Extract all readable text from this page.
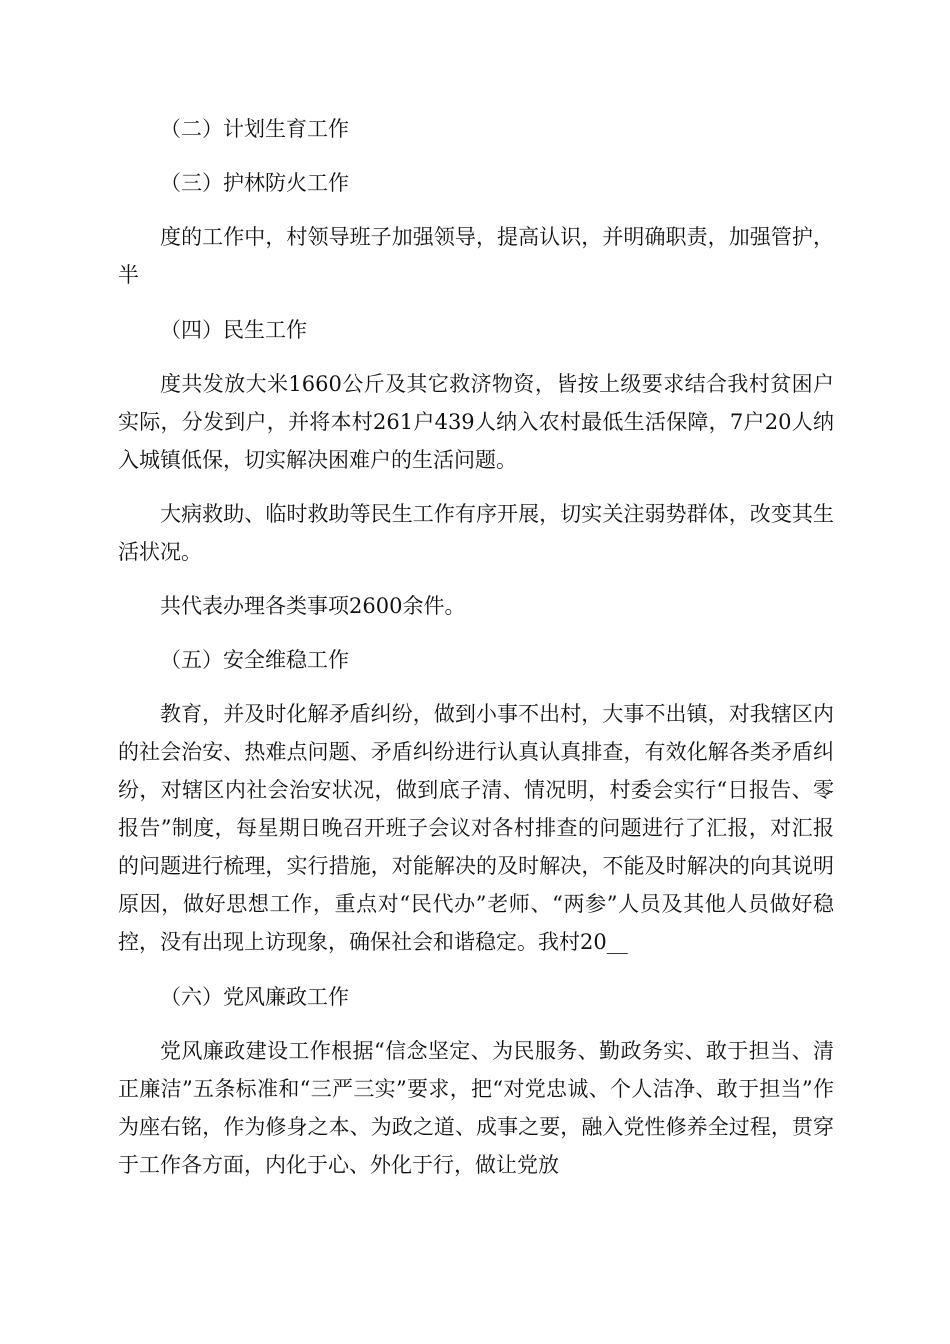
（二）计划生育工作

（三）护林防火工作

度的工作中，村领导班子加强领导，提高认识，并明确职责，加强管护，半

（四）民生工作

度共发放大米1660公斤及其它救济物资，皆按上级要求结合我村贫困户实际，分发到户，并将本村261户439人纳入农村最低生活保障，7户20人纳入城镇低保，切实解决困难户的生活问题。

大病救助、临时救助等民生工作有序开展，切实关注弱势群体，改变其生活状况。

共代表办理各类事项2600余件。

（五）安全维稳工作

教育，并及时化解矛盾纠纷，做到小事不出村，大事不出镇，对我辖区内的社会治安、热难点问题、矛盾纠纷进行认真认真排查，有效化解各类矛盾纠纷，对辖区内社会治安状况，做到底子清、情况明，村委会实行“日报告、零报告”制度，每星期日晚召开班子会议对各村排查的问题进行了汇报，对汇报的问题进行梳理，实行措施，对能解决的及时解决，不能及时解决的向其说明原因，做好思想工作，重点对“民代办”老师、“两参”人员及其他人员做好稳控，没有出现上访现象，确保社会和谐稳定。我村20__

（六）党风廉政工作

党风廉政建设工作根据“信念坚定、为民服务、勤政务实、敢于担当、清正廉洁”五条标准和“三严三实”要求，把“对党忠诚、个人洁净、敢于担当”作为座右铭，作为修身之本、为政之道、成事之要，融入党性修养全过程，贯穿于工作各方面，内化于心、外化于行，做让党放
